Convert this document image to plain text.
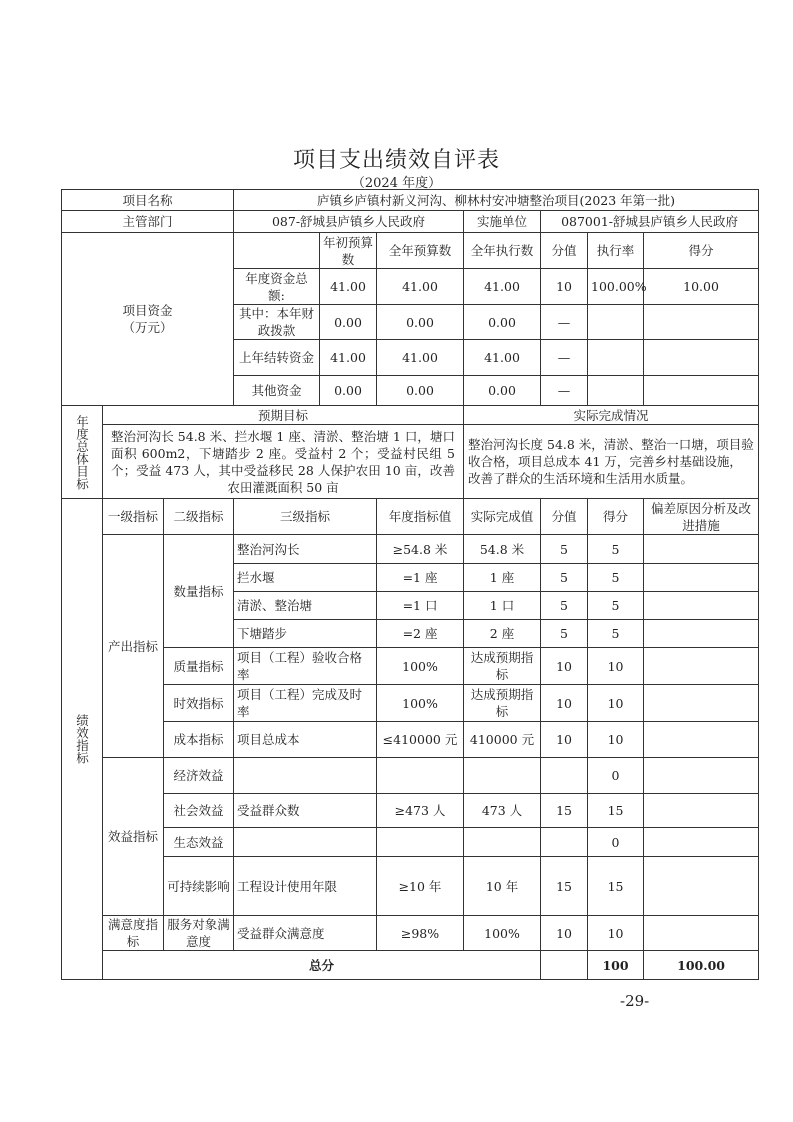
项目支出绩效自评表
（2024 年度）
项目名称			庐镇乡庐镇村新义河沟、柳林村安冲塘整治项目(2023 年第一批)							
主管部门			087-舒城县庐镇乡人民政府			实施单位	087001-舒城县庐镇乡人民政府			
项目资金
（万元）				年初预算数	全年预算数	全年执行数	分值	执行率	得分	
			年度资金总额:	41.00	41.00	41.00	10	100.00%	10.00	
			其中：本年财政拨款	0.00	0.00	0.00	—			
			上年结转资金	41.00	41.00	41.00	—			
			其他资金	0.00	0.00	0.00	—			
年度总体目标	预期目标					实际完成情况				
	整治河沟长 54.8 米、拦水堰 1 座、清淤、整治塘 1 口，塘口面积 600m2，下塘踏步 2 座。受益村 2 个；受益村民组 5 个；受益 473 人，其中受益移民 28 人保护农田 10 亩，改善农田灌溉面积 50 亩					整治河沟长度 54.8 米，清淤、整治一口塘，项目验收合格，项目总成本 41 万，完善乡村基础设施，改善了群众的生活环境和生活用水质量。				
绩效指标	一级指标	二级指标	三级指标		年度指标值	实际完成值	分值	得分	偏差原因分析及改进措施	
	产出指标	数量指标	整治河沟长		≥54.8 米	54.8 米	5	5		
			拦水堰		=1 座	1 座	5	5		
			清淤、整治塘		=1 口	1 口	5	5		
			下塘踏步		=2 座	2 座	5	5		
		质量指标	项目（工程）验收合格率		100%	达成预期指标	10	10		
		时效指标	项目（工程）完成及时率		100%	达成预期指标	10	10		
		成本指标	项目总成本		≤410000 元	410000 元	10	10		
	效益指标	经济效益						0		
		社会效益	受益群众数		≥473 人	473 人	15	15		
		生态效益						0		
		可持续影响	工程设计使用年限		≥10 年	10 年	15	15		
	满意度指标	服务对象满意度	受益群众满意度		≥98%	100%	10	10		
	总分							100	100.00	
-29-
